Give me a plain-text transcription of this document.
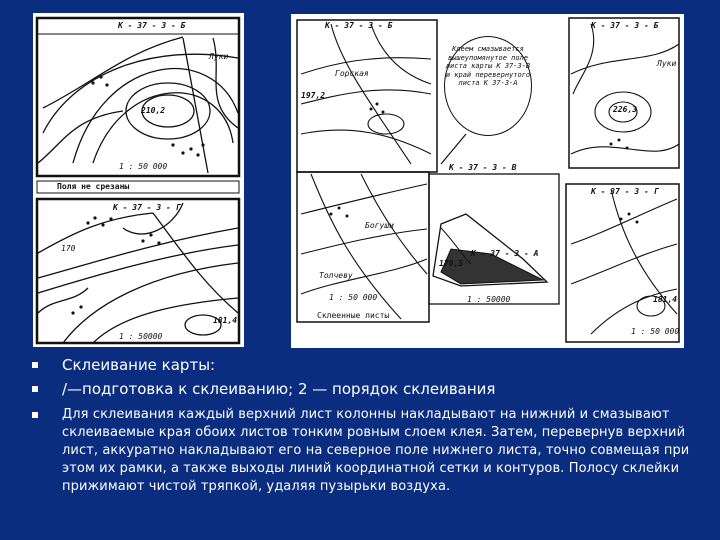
К - 37 - 3 - Б
Луки
210,2
1 : 50 000
Поля не срезаны
К - 37 - З - Г
170
181,4
1 : 50000
Клеем смазывается вышеупомянутое поле листа карты К 37-3-В и край перевернутого листа К 37-3-А
К - 37 - 3 - Б
Горская
197,2
К - 37 - 3 - Б
Луки
226,3
К - 37 - 3 - В
Богуши
Толчеву
1 : 50 000
К - 37 - 3 - А
170,5
1 : 50000
К - 37 - 3 - Г
181,4
1 : 50 000
Склеенные листы
Склеивание карты:
/—подготовка к склеиванию; 2 — порядок склеивания
Для склеивания каждый верхний лист колонны накладывают на нижний и смазывают склеиваемые края обоих листов тонким ровным слоем клея. Затем, перевернув верхний лист, аккуратно накладывают его на северное поле нижнего листа, точно совмещая при этом их рамки, а также выходы линий координатной сетки и контуров. Полосу склейки прижимают чистой тряпкой, удаляя пузырьки воздуха.
